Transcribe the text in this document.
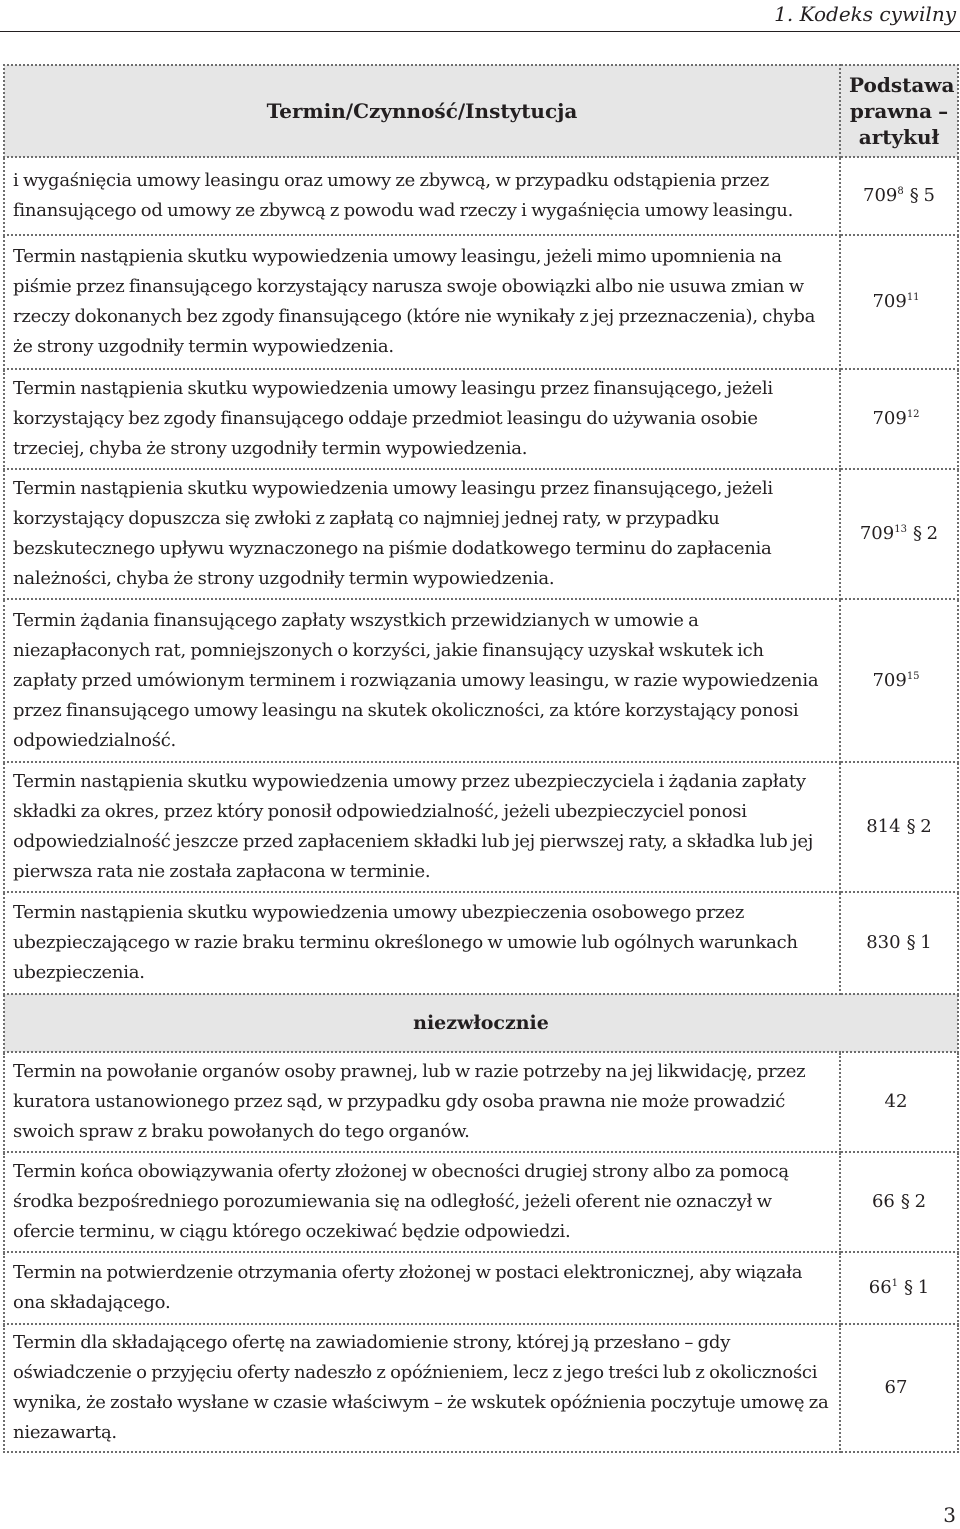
1. Kodeks cywilny
Termin/Czynność/Instytucja	Podstawa prawna – artykuł
i wygaśnięcia umowy leasingu oraz umowy ze zbywcą, w przypadku odstąpienia przez finansującego od umowy ze zbywcą z powodu wad rzeczy i wygaśnięcia umowy leasingu.	$709^8$ § 5
Termin nastąpienia skutku wypowiedzenia umowy leasingu, jeżeli mimo upomnienia na piśmie przez finansującego korzystający narusza swoje obowiązki albo nie usuwa zmian w rzeczy dokonanych bez zgody finansującego (które nie wynikały z jej przeznaczenia), chyba że strony uzgodniły termin wypowiedzenia.	$709^{11}$
Termin nastąpienia skutku wypowiedzenia umowy leasingu przez finansującego, jeżeli korzystający bez zgody finansującego oddaje przedmiot leasingu do używania osobie trzeciej, chyba że strony uzgodniły termin wypowiedzenia.	$709^{12}$
Termin nastąpienia skutku wypowiedzenia umowy leasingu przez finansującego, jeżeli korzystający dopuszcza się zwłoki z zapłatą co najmniej jednej raty, w przypadku bezskutecznego upływu wyznaczonego na piśmie dodatkowego terminu do zapłacenia należności, chyba że strony uzgodniły termin wypowiedzenia.	$709^{13}$ § 2
Termin żądania finansującego zapłaty wszystkich przewidzianych w umowie a niezapłaconych rat, pomniejszonych o korzyści, jakie finansujący uzyskał wskutek ich zapłaty przed umówionym terminem i rozwiązania umowy leasingu, w razie wypowiedzenia przez finansującego umowy leasingu na skutek okoliczności, za które korzystający ponosi odpowiedzialność.	$709^{15}$
Termin nastąpienia skutku wypowiedzenia umowy przez ubezpieczyciela i żądania zapłaty składki za okres, przez który ponosił odpowiedzialność, jeżeli ubezpieczyciel ponosi odpowiedzialność jeszcze przed zapłaceniem składki lub jej pierwszej raty, a składka lub jej pierwsza rata nie została zapłacona w terminie.	814 § 2
Termin nastąpienia skutku wypowiedzenia umowy ubezpieczenia osobowego przez ubezpieczającego w razie braku terminu określonego w umowie lub ogólnych warunkach ubezpieczenia.	830 § 1
niezwłocznie	
Termin na powołanie organów osoby prawnej, lub w razie potrzeby na jej likwidację, przez kuratora ustanowionego przez sąd, w przypadku gdy osoba prawna nie może prowadzić swoich spraw z braku powołanych do tego organów.	42
Termin końca obowiązywania oferty złożonej w obecności drugiej strony albo za pomocą środka bezpośredniego porozumiewania się na odległość, jeżeli oferent nie oznaczył w ofercie terminu, w ciągu którego oczekiwać będzie odpowiedzi.	66 § 2
Termin na potwierdzenie otrzymania oferty złożonej w postaci elektronicznej, aby wiązała ona składającego.	$66^1$ § 1
Termin dla składającego ofertę na zawiadomienie strony, której ją przesłano – gdy oświadczenie o przyjęciu oferty nadeszło z opóźnieniem, lecz z jego treści lub z okoliczności wynika, że zostało wysłane w czasie właściwym – że wskutek opóźnienia poczytuje umowę za niezawartą.	67
3
